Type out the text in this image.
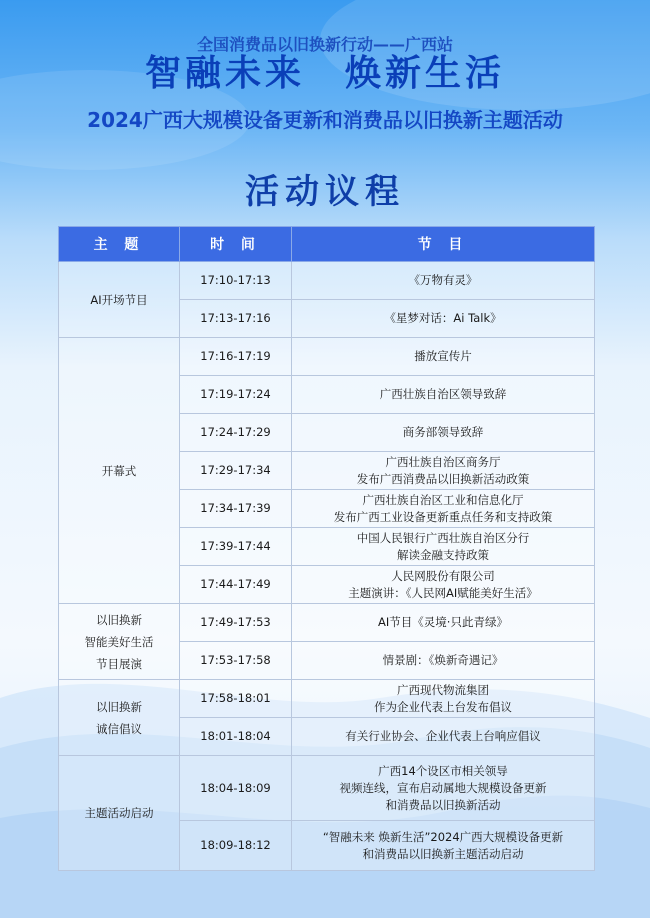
全国消费品以旧换新行动——广西站
智融未来 焕新生活
2024广西大规模设备更新和消费品以旧换新主题活动
活动议程
主 题	时 间	节 目

AI开场节目	17:10-17:13	《万物有灵》

	17:13-17:16	《星梦对话：Ai Talk》

开幕式	17:16-17:19	播放宣传片

	17:19-17:24	广西壮族自治区领导致辞

	17:24-17:29	商务部领导致辞

	17:29-17:34	广西壮族自治区商务厅
发布广西消费品以旧换新活动政策

	17:34-17:39	广西壮族自治区工业和信息化厅
发布广西工业设备更新重点任务和支持政策

	17:39-17:44	中国人民银行广西壮族自治区分行
解读金融支持政策

	17:44-17:49	人民网股份有限公司
主题演讲：《人民网AI赋能美好生活》

以旧换新
智能美好生活
节目展演	17:49-17:53	AI节目《灵境·只此青绿》

	17:53-17:58	情景剧：《焕新奇遇记》

以旧换新
诚信倡议	17:58-18:01	广西现代物流集团
作为企业代表上台发布倡议

	18:01-18:04	有关行业协会、企业代表上台响应倡议

主题活动启动	18:04-18:09	广西14个设区市相关领导
视频连线，宣布启动属地大规模设备更新
和消费品以旧换新活动

	18:09-18:12	“智融未来 焕新生活”2024广西大规模设备更新
和消费品以旧换新主题活动启动
